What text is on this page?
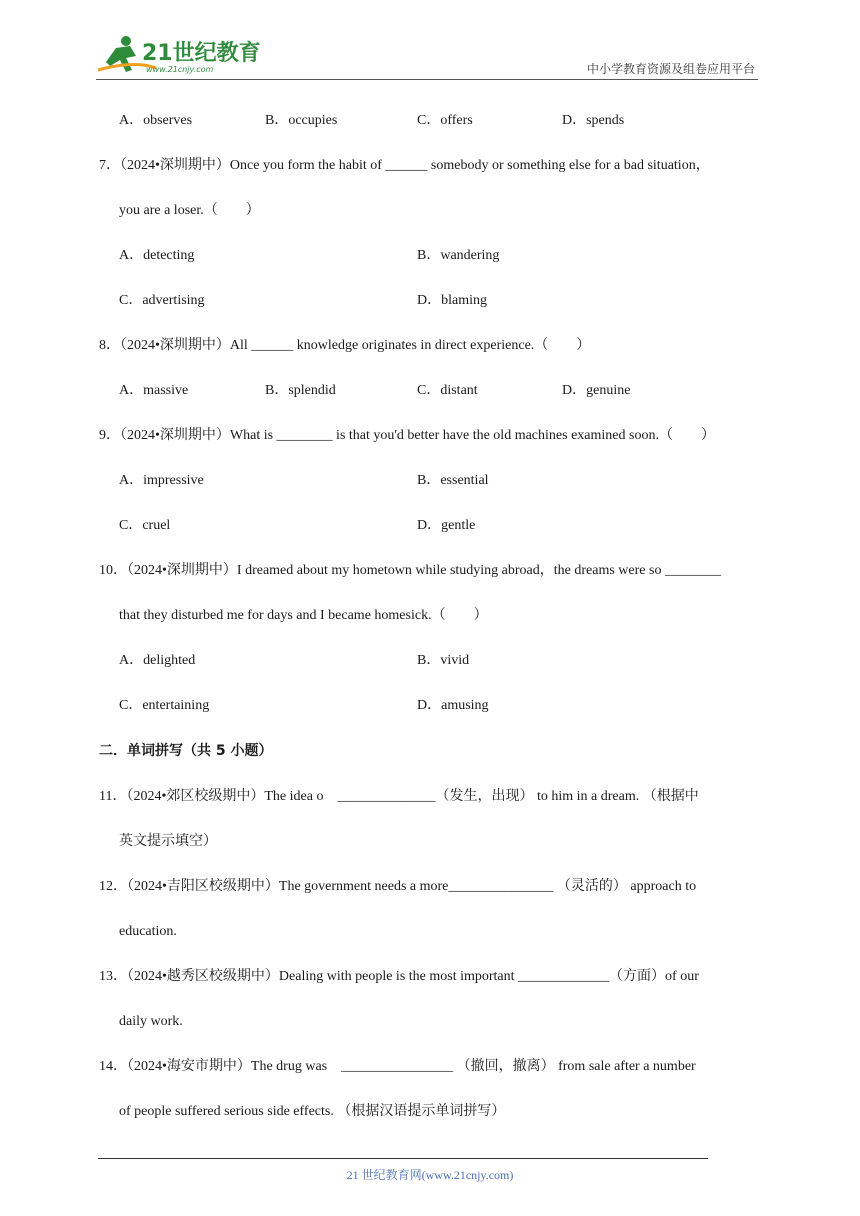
21世纪教育
www.21cnjy.com	中小学教育资源及组卷应用平台
A．observes	B．occupies	C．offers	D．spends
7．（2024•深圳期中）Once you form the habit of ______ somebody or something else for a bad situation，
you are a loser.（　　）
A．detecting	B．wandering
C．advertising	D．blaming
8．（2024•深圳期中）All ______ knowledge originates in direct experience.（　　）
A．massive	B．splendid	C．distant	D．genuine
9．（2024•深圳期中）What is ________ is that you'd better have the old machines examined soon.（　　）
A．impressive	B．essential
C．cruel	D．gentle
10．（2024•深圳期中）I dreamed about my hometown while studying abroad，the dreams were so ________
that they disturbed me for days and I became homesick.（　　）
A．delighted	B．vivid
C．entertaining	D．amusing
二．单词拼写（共 5 小题）
11．（2024•郊区校级期中）The idea o　______________（发生，出现） to him in a dream. （根据中
英文提示填空）
12．（2024•吉阳区校级期中）The government needs a more_______________ （灵活的） approach to
education.
13．（2024•越秀区校级期中）Dealing with people is the most important _____________（方面）of our
daily work.
14．（2024•海安市期中）The drug was　________________ （撤回，撤离） from sale after a number
of people suffered serious side effects. （根据汉语提示单词拼写）
21 世纪教育网(www.21cnjy.com)
